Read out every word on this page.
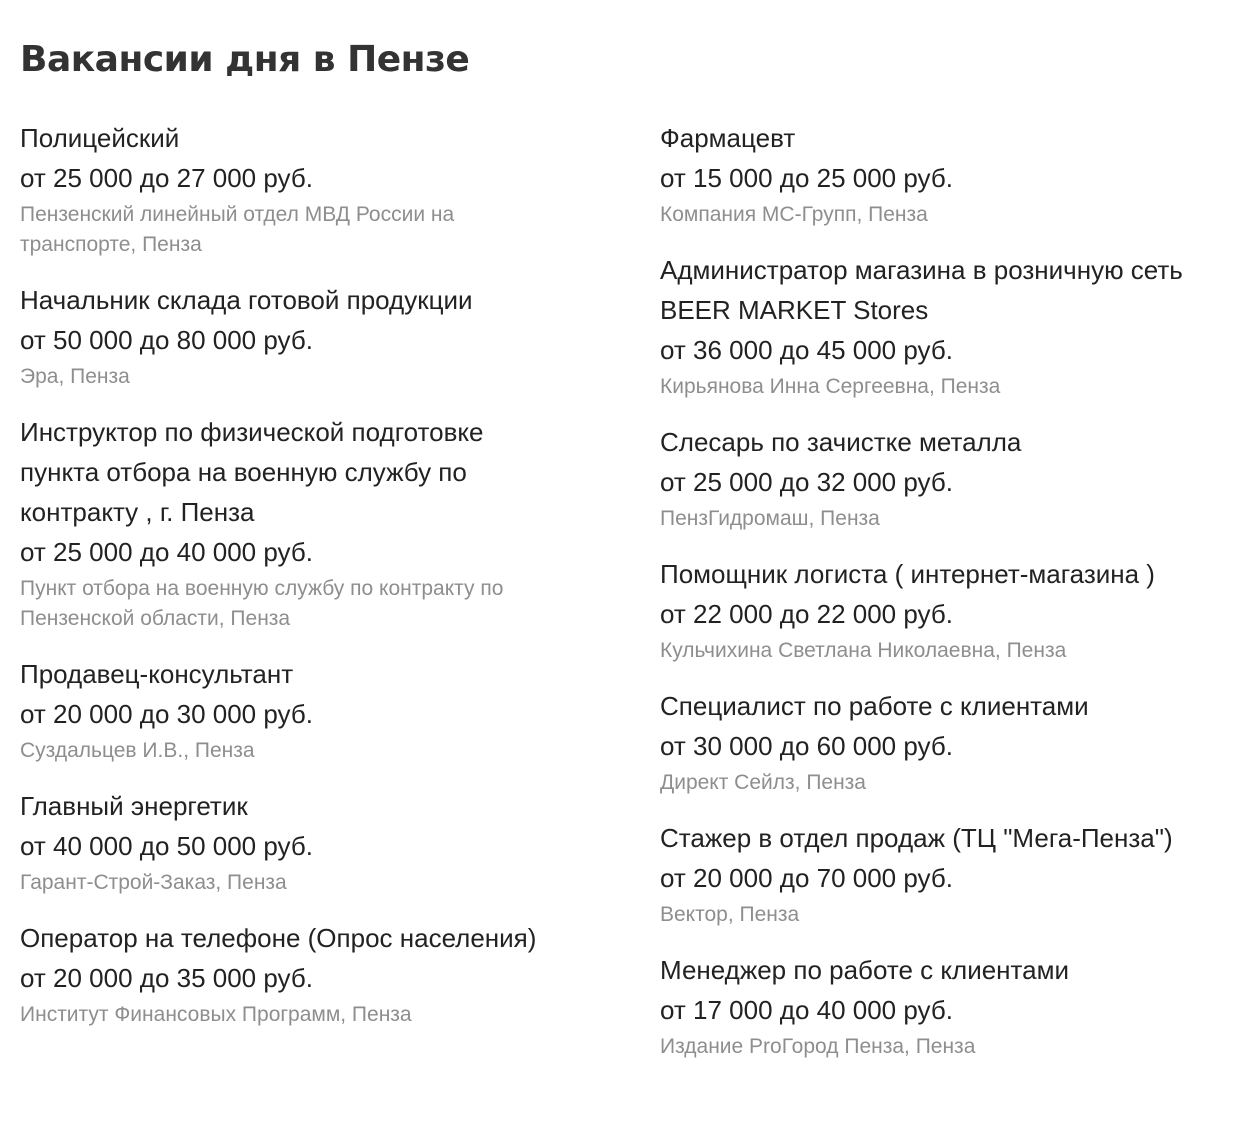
Вакансии дня в Пензе
Полицейский
от 25 000 до 27 000 руб.
Пензенский линейный отдел МВД России на транспорте, Пенза
Начальник склада готовой продукции
от 50 000 до 80 000 руб.
Эра, Пенза
Инструктор по физической подготовке пункта отбора на военную службу по контракту , г. Пенза
от 25 000 до 40 000 руб.
Пункт отбора на военную службу по контракту по Пензенской области, Пенза
Продавец-консультант
от 20 000 до 30 000 руб.
Суздальцев И.В., Пенза
Главный энергетик
от 40 000 до 50 000 руб.
Гарант-Строй-Заказ, Пенза
Оператор на телефоне (Опрос населения)
от 20 000 до 35 000 руб.
Институт Финансовых Программ, Пенза
Фармацевт
от 15 000 до 25 000 руб.
Компания МС-Групп, Пенза
Администратор магазина в розничную сеть BEER MARKET Stores
от 36 000 до 45 000 руб.
Кирьянова Инна Сергеевна, Пенза
Слесарь по зачистке металла
от 25 000 до 32 000 руб.
ПензГидромаш, Пенза
Помощник логиста ( интернет-магазина )
от 22 000 до 22 000 руб.
Кульчихина Светлана Николаевна, Пенза
Специалист по работе с клиентами
от 30 000 до 60 000 руб.
Директ Сейлз, Пенза
Стажер в отдел продаж (ТЦ "Мега-Пенза")
от 20 000 до 70 000 руб.
Вектор, Пенза
Менеджер по работе с клиентами
от 17 000 до 40 000 руб.
Издание ProГород Пенза, Пенза
